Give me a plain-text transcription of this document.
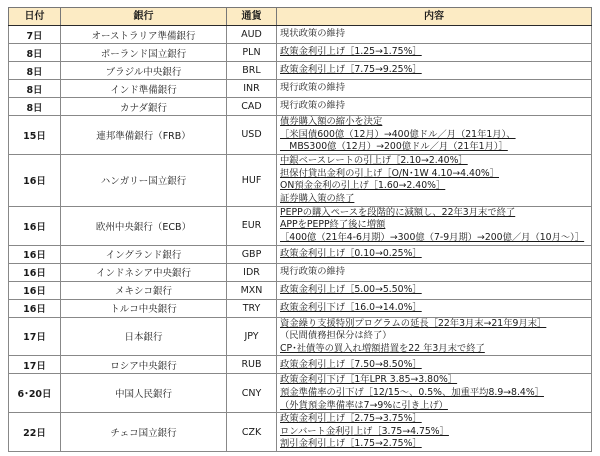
日付	銀行	通貨	内容
7日	オーストラリア準備銀行	AUD	現状政策の維持

8日	ポーランド国立銀行	PLN	政策金利引上げ［1.25→1.75%］

8日	ブラジル中央銀行	BRL	政策金利引上げ［7.75→9.25%］

8日	インド準備銀行	INR	現行政策の維持

8日	カナダ銀行	CAD	現行政策の維持

15日	連邦準備銀行（FRB）	USD	債券購入額の縮小を決定
［米国債600億（12月）→400億ドル／月（21年1月）、
　MBS300億（12月）→200億ドル／月（21年1月）］

16日	ハンガリー国立銀行	HUF	中銀ベースレートの引上げ［2.10→2.40%］
担保付貸出金利の引上げ［O/N･1W 4.10→4.40%］
ON預金金利の引上げ［1.60→2.40%］
証券購入策の終了

16日	欧州中央銀行（ECB）	EUR	PEPPの購入ペースを段階的に減額し、22年3月末で終了
APPをPEPP終了後に増額
［400億（21年4-6月期）→300億（7-9月期）→200億／月（10月～）］

16日	イングランド銀行	GBP	政策金利引上げ［0.10→0.25%］

16日	インドネシア中央銀行	IDR	現行政策の維持

16日	メキシコ銀行	MXN	政策金利引上げ［5.00→5.50%］

16日	トルコ中央銀行	TRY	政策金利引下げ［16.0→14.0%］

17日	日本銀行	JPY	資金繰り支援特別プログラムの延長［22年3月末→21年9月末］
（民間債務担保分は終了）
CP･社債等の買入れ増額措置を22 年3月末で終了

17日	ロシア中央銀行	RUB	政策金利引上げ［7.50→8.50%］

6･20日	中国人民銀行	CNY	政策金利引下げ［1年LPR 3.85→3.80%］
預金準備率の引下げ［12/15～、0.5%、加重平均8.9→8.4%］
（外貨預金準備率は7→9%に引き上げ）

22日	チェコ国立銀行	CZK	政策金利引上げ［2.75→3.75%］
ロンバート金利引上げ［3.75→4.75%］
割引金利引上げ［1.75→2.75%］
